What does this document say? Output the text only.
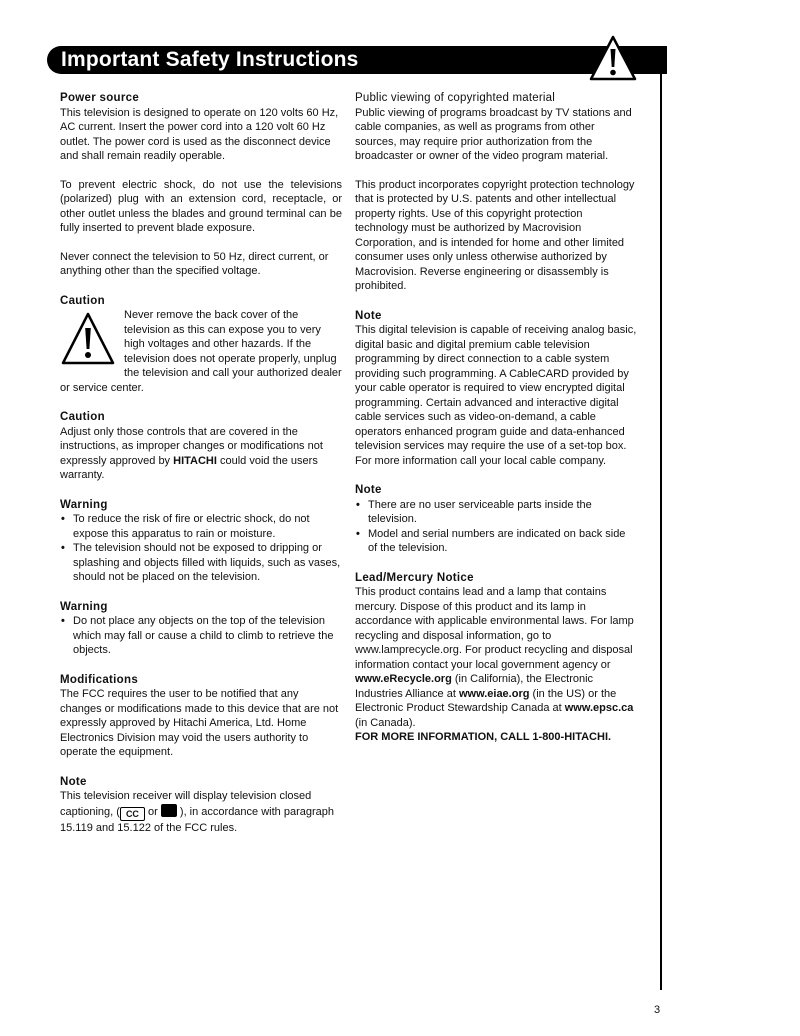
Important Safety Instructions
Power source

This television is designed to operate on 120 volts 60 Hz, AC current. Insert the power cord into a 120 volt 60 Hz outlet. The power cord is used as the disconnect device and shall remain readily operable.

To prevent electric shock, do not use the televisions (polarized) plug with an extension cord, receptacle, or other outlet unless the blades and ground terminal can be fully inserted to prevent blade exposure.

Never connect the television to 50 Hz, direct current, or anything other than the specified voltage.

Caution
Never remove the back cover of the television as this can expose you to very high voltages and other hazards. If the television does not operate properly, unplug the television and call your authorized dealer or service center.
Caution

Adjust only those controls that are covered in the instructions, as improper changes or modifications not expressly approved by HITACHI could void the users warranty.

Warning
• To reduce the risk of fire or electric shock, do not expose this apparatus to rain or moisture.
• The television should not be exposed to dripping or splashing and objects filled with liquids, such as vases, should not be placed on the television.
Warning
• Do not place any objects on the top of the television which may fall or cause a child to climb to retrieve the objects.
Modifications

The FCC requires the user to be notified that any changes or modifications made to this device that are not expressly approved by Hitachi America, Ltd. Home Electronics Division may void the users authority to operate the equipment.

Note

This television receiver will display television closed captioning, ( CC or  ), in accordance with paragraph 15.119 and 15.122 of the FCC rules.

Public viewing of copyrighted material

Public viewing of programs broadcast by TV stations and cable companies, as well as programs from other sources, may require prior authorization from the broadcaster or owner of the video program material.

This product incorporates copyright protection technology that is protected by U.S. patents and other intellectual property rights. Use of this copyright protection technology must be authorized by Macrovision Corporation, and is intended for home and other limited consumer uses only unless otherwise authorized by Macrovision. Reverse engineering or disassembly is prohibited.

Note

This digital television is capable of receiving analog basic, digital basic and digital premium cable television programming by direct connection to a cable system providing such programming. A CableCARD provided by your cable operator is required to view encrypted digital programming. Certain advanced and interactive digital cable services such as video-on-demand, a cable operators enhanced program guide and data-enhanced television services may require the use of a set-top box. For more information call your local cable company.

Note
• There are no user serviceable parts inside the television.
• Model and serial numbers are indicated on back side of the television.
Lead/Mercury Notice

This product contains lead and a lamp that contains mercury. Dispose of this product and its lamp in accordance with applicable environmental laws. For lamp recycling and disposal information, go to www.lamprecycle.org. For product recycling and disposal information contact your local government agency or www.eRecycle.org (in California), the Electronic Industries Alliance at www.eiae.org (in the US) or the Electronic Product Stewardship Canada at www.epsc.ca (in Canada).

FOR MORE INFORMATION, CALL 1-800-HITACHI.

3
